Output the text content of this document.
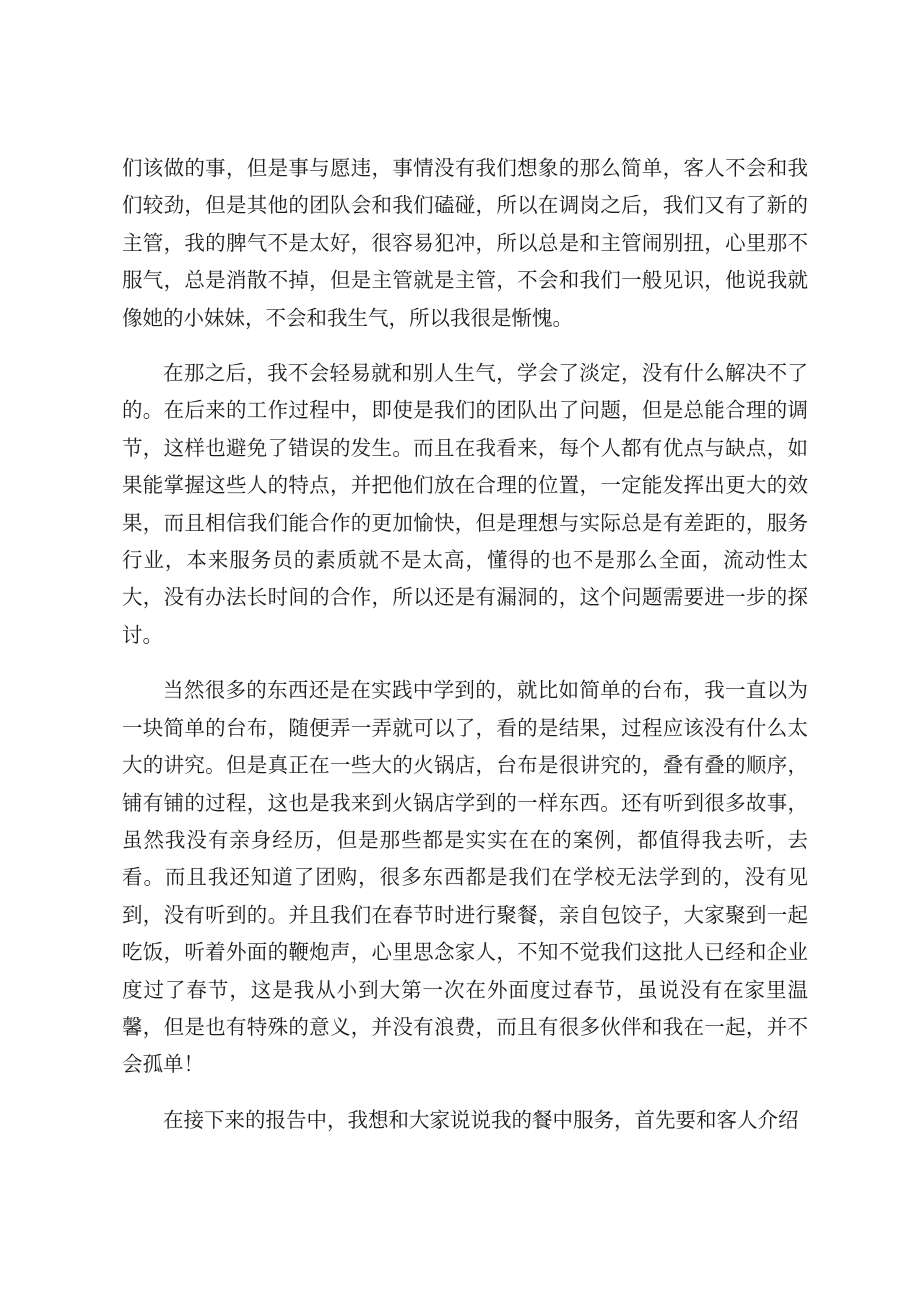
们该做的事，但是事与愿违，事情没有我们想象的那么简单，客人不会和我们较劲，但是其他的团队会和我们磕碰，所以在调岗之后，我们又有了新的主管，我的脾气不是太好，很容易犯冲，所以总是和主管闹别扭，心里那不服气，总是消散不掉，但是主管就是主管，不会和我们一般见识，他说我就像她的小妹妹，不会和我生气，所以我很是惭愧。

在那之后，我不会轻易就和别人生气，学会了淡定，没有什么解决不了的。在后来的工作过程中，即使是我们的团队出了问题，但是总能合理的调节，这样也避免了错误的发生。而且在我看来，每个人都有优点与缺点，如果能掌握这些人的特点，并把他们放在合理的位置，一定能发挥出更大的效果，而且相信我们能合作的更加愉快，但是理想与实际总是有差距的，服务行业，本来服务员的素质就不是太高，懂得的也不是那么全面，流动性太大，没有办法长时间的合作，所以还是有漏洞的，这个问题需要进一步的探讨。

当然很多的东西还是在实践中学到的，就比如简单的台布，我一直以为一块简单的台布，随便弄一弄就可以了，看的是结果，过程应该没有什么太大的讲究。但是真正在一些大的火锅店，台布是很讲究的，叠有叠的顺序，铺有铺的过程，这也是我来到火锅店学到的一样东西。还有听到很多故事，虽然我没有亲身经历，但是那些都是实实在在的案例，都值得我去听，去看。而且我还知道了团购，很多东西都是我们在学校无法学到的，没有见到，没有听到的。并且我们在春节时进行聚餐，亲自包饺子，大家聚到一起吃饭，听着外面的鞭炮声，心里思念家人，不知不觉我们这批人已经和企业度过了春节，这是我从小到大第一次在外面度过春节，虽说没有在家里温馨，但是也有特殊的意义，并没有浪费，而且有很多伙伴和我在一起，并不会孤单！

在接下来的报告中，我想和大家说说我的餐中服务，首先要和客人介绍
